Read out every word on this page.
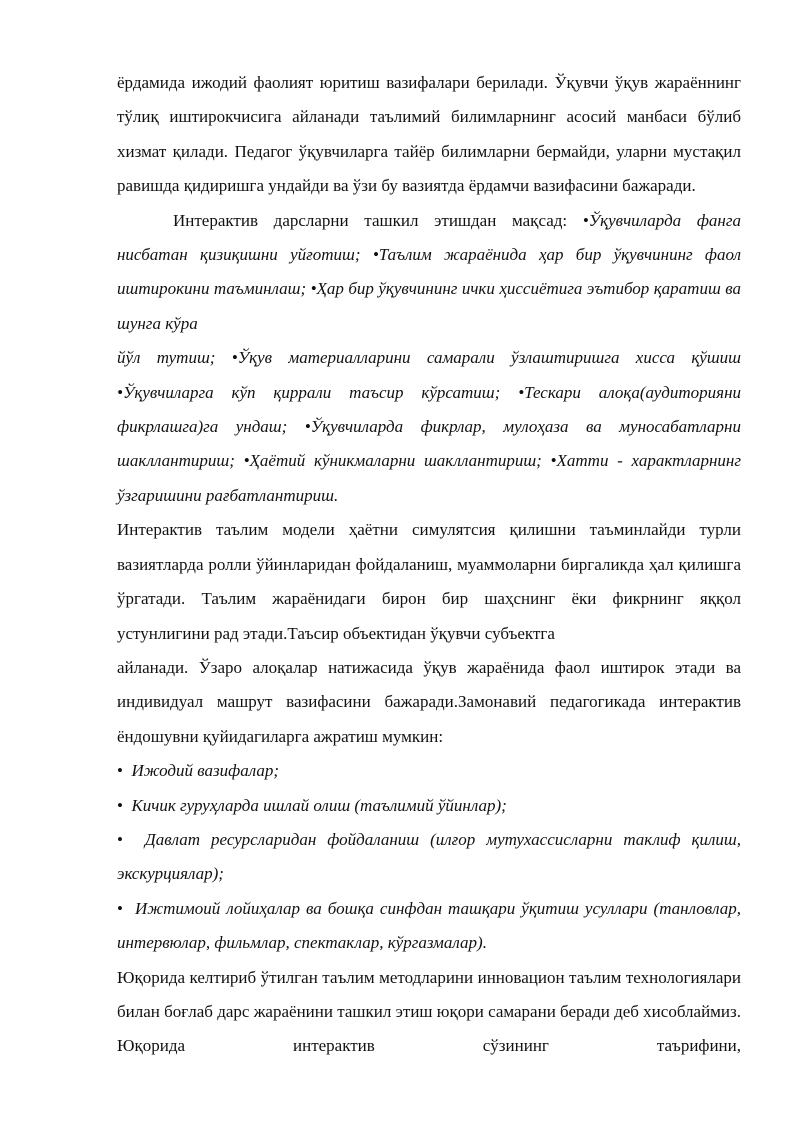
ёрдамида ижодий фаолият юритиш вазифалари берилади. Ўқувчи ўқув жараённинг тўлиқ иштирокчисига айланади таълимий билимларнинг асосий манбаси бўлиб хизмат қилади. Педагог ўқувчиларга тайёр билимларни бермайди, уларни мустақил равишда қидиришга ундайди ва ўзи бу вазиятда ёрдамчи вазифасини бажаради.

Интерактив дарсларни ташкил этишдан мақсад: •Ўқувчиларда фанга нисбатан қизиқишни уйғотиш; •Таълим жараёнида ҳар бир ўқувчининг фаол иштирокини таъминлаш; •Ҳар бир ўқувчининг ички ҳиссиётига эътибор қаратиш ва шунга кўра

йўл тутиш; •Ўқув материалларини самарали ўзлаштиришга хисса қўшиш •Ўқувчиларга кўп қиррали таъсир кўрсатиш; •Тескари алоқа(аудиторияни фикрлашга)га ундаш; •Ўқувчиларда фикрлар, мулоҳаза ва муносабатларни шакллантириш; •Ҳаётий кўникмаларни шакллантириш; •Хатти - характларнинг ўзгаришини рағбатлантириш.

Интерактив таълим модели ҳаётни симулятсия қилишни таъминлайди турли вазиятларда ролли ўйинларидан фойдаланиш, муаммоларни биргаликда ҳал қилишга ўргатади. Таълим жараёнидаги бирон бир шаҳснинг ёки фикрнинг яққол устунлигини рад этади.Таъсир объектидан ўқувчи субъектга

айланади. Ўзаро алоқалар натижасида ўқув жараёнида фаол иштирок этади ва индивидуал машрут вазифасини бажаради.Замонавий педагогикада интерактив ёндошувни қуйидагиларга ажратиш мумкин:

• Ижодий вазифалар;

• Кичик гуруҳларда ишлай олиш (таълимий ўйинлар);

• Давлат ресурсларидан фойдаланиш (илғор мутухассисларни таклиф қилиш, экскурциялар);

• Ижтимоий лойиҳалар ва бошқа синфдан ташқари ўқитиш усуллари (танловлар, интервюлар, фильмлар, спектаклар, кўргазмалар).

Юқорида келтириб ўтилган таълим методларини инновацион таълим технологиялари билан боғлаб дарс жараёнини ташкил этиш юқори самарани беради деб хисоблаймиз. Юқорида интерактив сўзининг таърифини,
